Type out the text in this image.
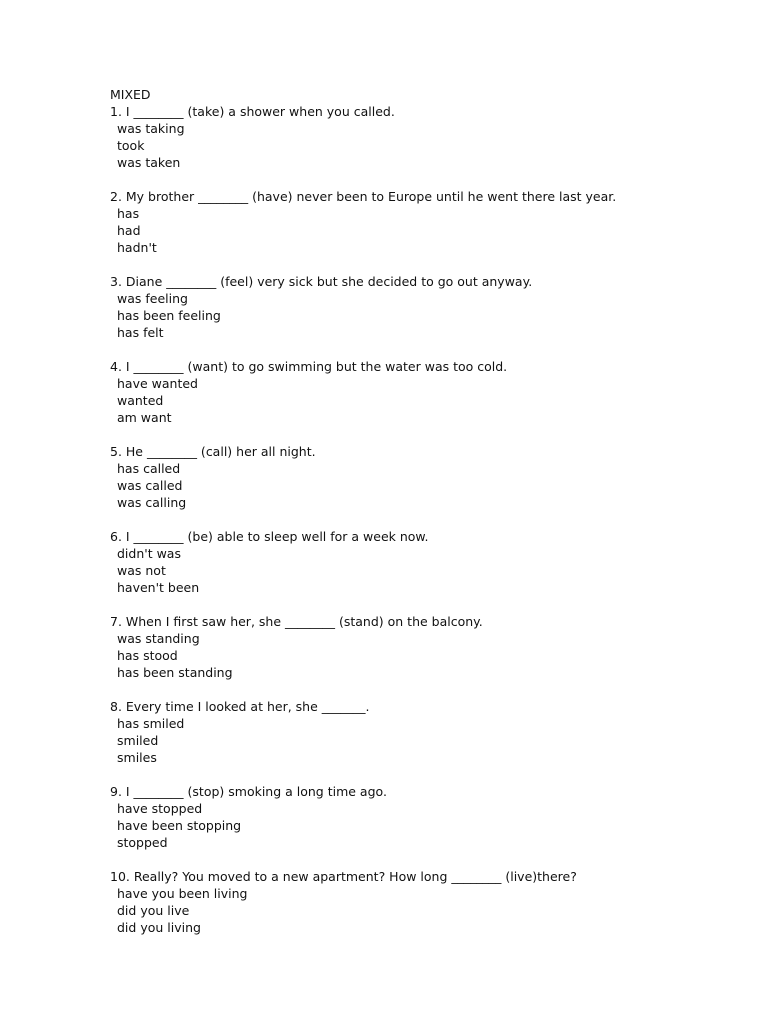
MIXED
1. I ________ (take) a shower when you called.
was taking
took
was taken
2. My brother ________ (have) never been to Europe until he went there last year.
has
had
hadn't
3. Diane ________ (feel) very sick but she decided to go out anyway.
was feeling
has been feeling
has felt
4. I ________ (want) to go swimming but the water was too cold.
have wanted
wanted
am want
5. He ________ (call) her all night.
has called
was called
was calling
6. I ________ (be) able to sleep well for a week now.
didn't was
was not
haven't been
7. When I first saw her, she ________ (stand) on the balcony.
was standing
has stood
has been standing
8. Every time I looked at her, she _______.
has smiled
smiled
smiles
9. I ________ (stop) smoking a long time ago.
have stopped
have been stopping
stopped
10. Really? You moved to a new apartment? How long ________ (live)there?
have you been living
did you live
did you living
